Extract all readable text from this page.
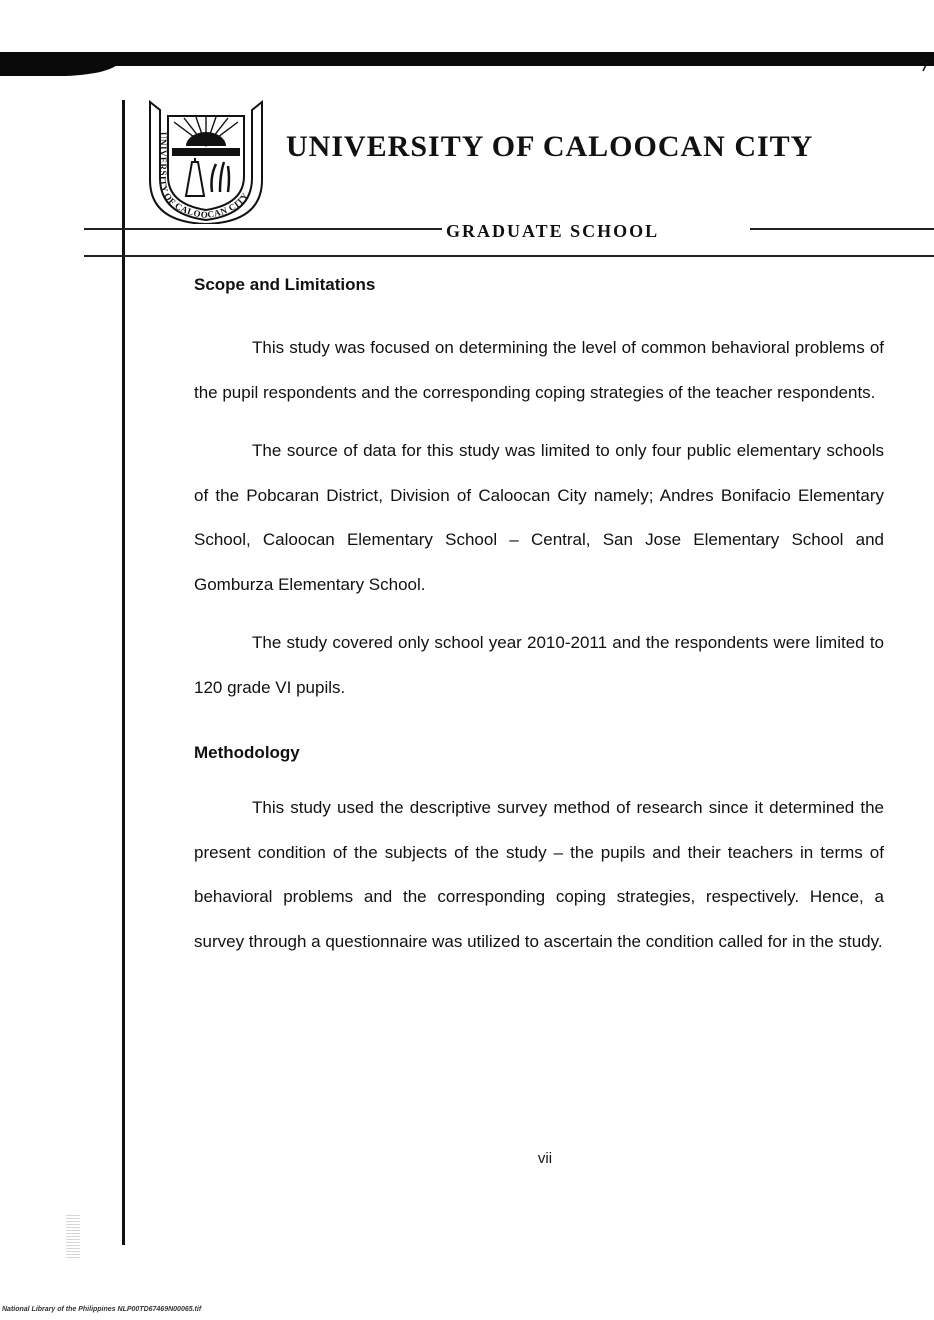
UNIVERSITY OF CALOOCAN CITY
UNIVERSITY OF CALOOCAN CITY
GRADUATE SCHOOL
Scope and Limitations

This study was focused on determining the level of common behavioral problems of the pupil respondents and the corresponding coping strategies of the teacher respondents.

The source of data for this study was limited to only four public elementary schools of the Pobcaran District, Division of Caloocan City namely; Andres Bonifacio Elementary School, Caloocan Elementary School – Central, San Jose Elementary School and Gomburza Elementary School.

The study covered only school year 2010-2011 and the respondents were limited to 120 grade VI pupils.

Methodology

This study used the descriptive survey method of research since it determined the present condition of the subjects of the study – the pupils and their teachers in terms of behavioral problems and the corresponding coping strategies, respectively. Hence, a survey through a questionnaire was utilized to ascertain the condition called for in the study.

vii
National Library of the Philippines NLP00TD67469N00065.tif
